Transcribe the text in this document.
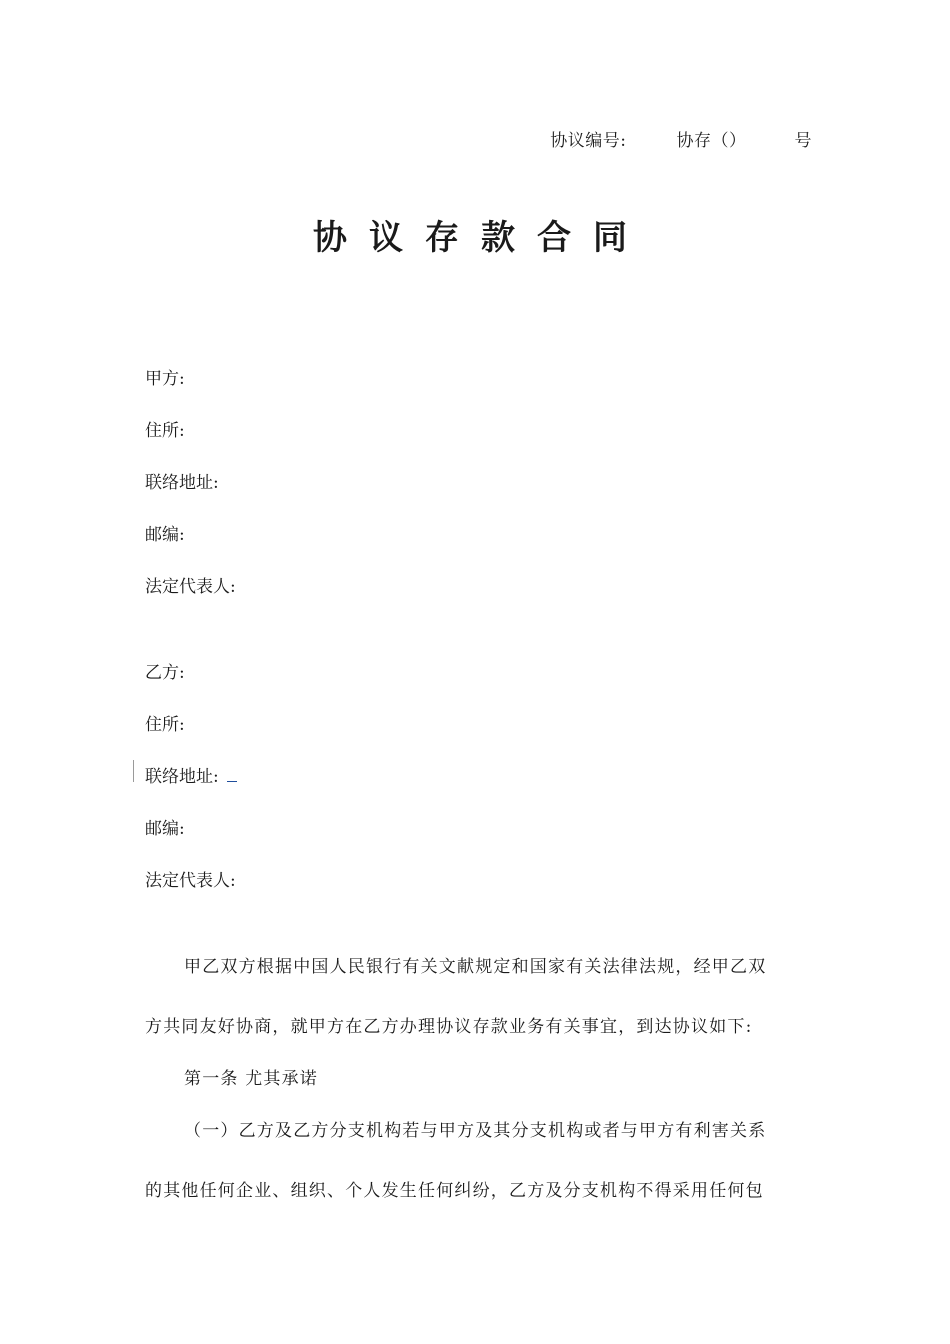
协议编号:	协存（）	号
协议存款合同
甲方:
住所:
联络地址:
邮编:
法定代表人:
乙方:
住所:
联络地址:
邮编:
法定代表人:
甲乙双方根据中国人民银行有关文献规定和国家有关法律法规，经甲乙双
方共同友好协商，就甲方在乙方办理协议存款业务有关事宜，到达协议如下:
第一条 尤其承诺
（一）乙方及乙方分支机构若与甲方及其分支机构或者与甲方有利害关系
的其他任何企业、组织、个人发生任何纠纷，乙方及分支机构不得采用任何包
